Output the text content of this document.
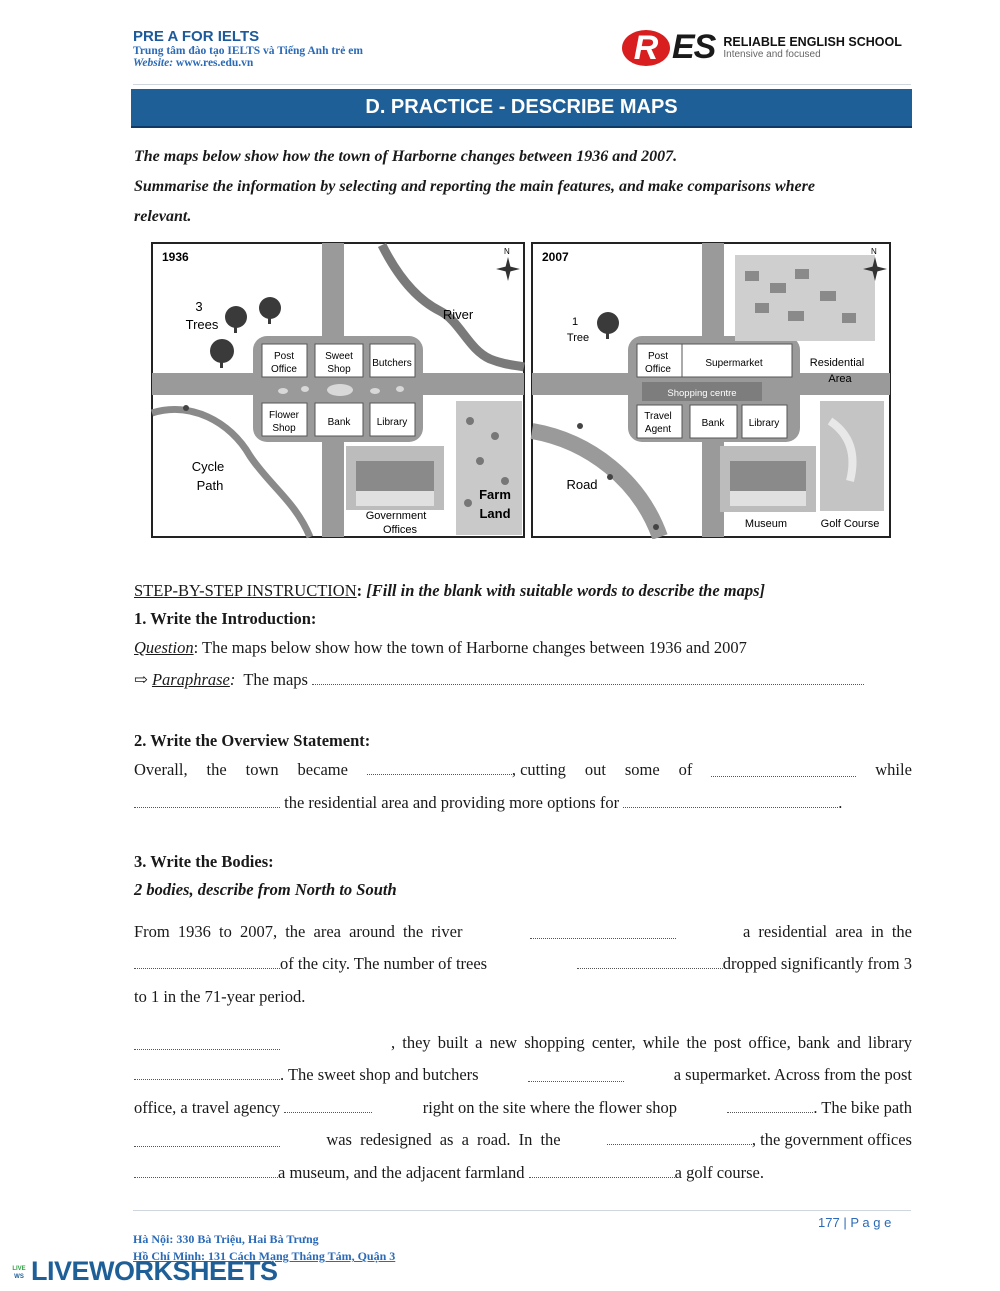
PRE A FOR IELTS
Trung tâm đào tạo IELTS và Tiếng Anh trẻ em
Website: www.res.edu.vn	R ES RELIABLE ENGLISH SCHOOL
Intensive and focused
D. PRACTICE - DESCRIBE MAPS
The maps below show how the town of Harborne changes between 1936 and 2007.
Summarise the information by selecting and reporting the main features, and make comparisons where
relevant.
1936	N
3
Trees
River
Post
Office
Sweet
Shop
Butchers
Flower
Shop
Bank	Library
Cycle
Path
Government
Offices
Farm
Land
2007	N
1
Tree
Post
Office
Supermarket
Shopping centre
Travel
Agent
Bank Library
Residential
Area
Road
Museum	Golf Course
STEP-BY-STEP INSTRUCTION: [Fill in the blank with suitable words to describe the maps]
1. Write the Introduction:
Question: The maps below show how the town of Harborne changes between 1936 and 2007
⇨ Paraphrase: The maps
2. Write the Overview Statement:
Overall, the town became	, cutting out some of	while
the residential area and providing more options for	.
3. Write the Bodies:
2 bodies, describe from North to South
From 1936 to 2007, the area around the river	a residential area in the
of the city. The number of trees	dropped significantly from 3
to 1 in the 71-year period.
, they built a new shopping center, while the post office, bank and library
. The sweet shop and butchers	a supermarket. Across from the post
office, a travel agency	right on the site where the flower shop	. The bike path
was redesigned as a road. In the	, the government offices
a museum, and the adjacent farmland	a golf course.
177 | P a g e
Hà Nội: 330 Bà Triệu, Hai Bà Trưng
Hồ Chí Minh: 131 Cách Mạng Tháng Tám, Quận 3
LIVE
WS LIVEWORKSHEETS
